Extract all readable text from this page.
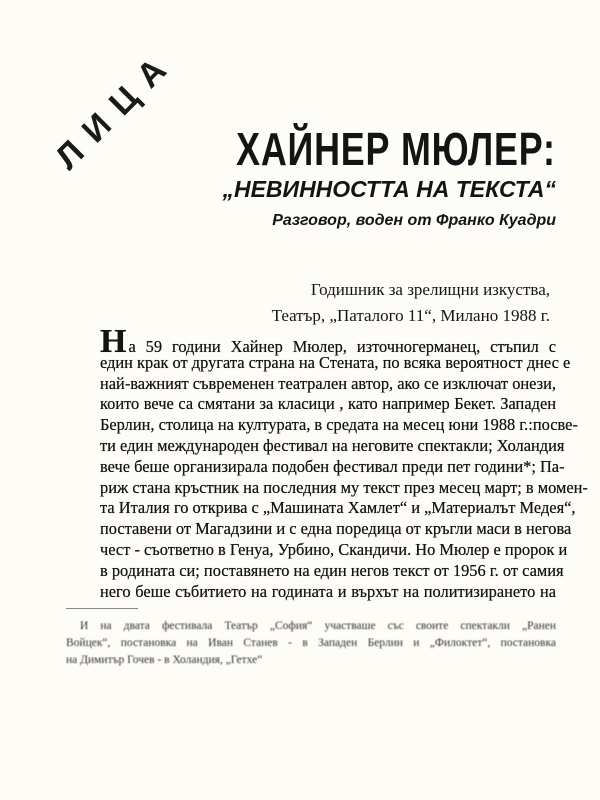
ЛИЦА ХАЙНЕР МЮЛЕР:
„НЕВИННОСТТА НА ТЕКСТА“
Разговор, воден от Франко Куадри
Годишник за зрелищни изкуства,
Театър, „Паталого 11“, Милано 1988 г.
Н а 59 години Хайнер Мюлер, източногерманец, стъпил с
един крак от другата страна на Стената, по всяка вероятност днес е
най-важният съвременен театрален автор, ако се изключат онези,
които вече са смятани за класици , като например Бекет. Западен
Берлин, столица на културата, в средата на месец юни 1988 г.:посве-
ти един международен фестивал на неговите спектакли; Холандия
вече беше организирала подобен фестивал преди пет години*; Па-
риж стана кръстник на последния му текст през месец март; в момен-
та Италия го открива с „Машината Хамлет“ и „Материалът Медея“,
поставени от Магадзини и с една поредица от кръгли маси в негова
чест - съответно в Генуа, Урбино, Скандичи. Но Мюлер е пророк и
в родината си; поставянето на един негов текст от 1956 г. от самия
него беше събитието на годината и върхът на политизирането на
И на двата фестивала Театър „София“ участваше със своите спектакли „Ранен
Войцек“, постановка на Иван Станев - в Западен Берлин и „Филоктет“, постановка
на Димитър Гочев - в Холандия, „Гетхе“
